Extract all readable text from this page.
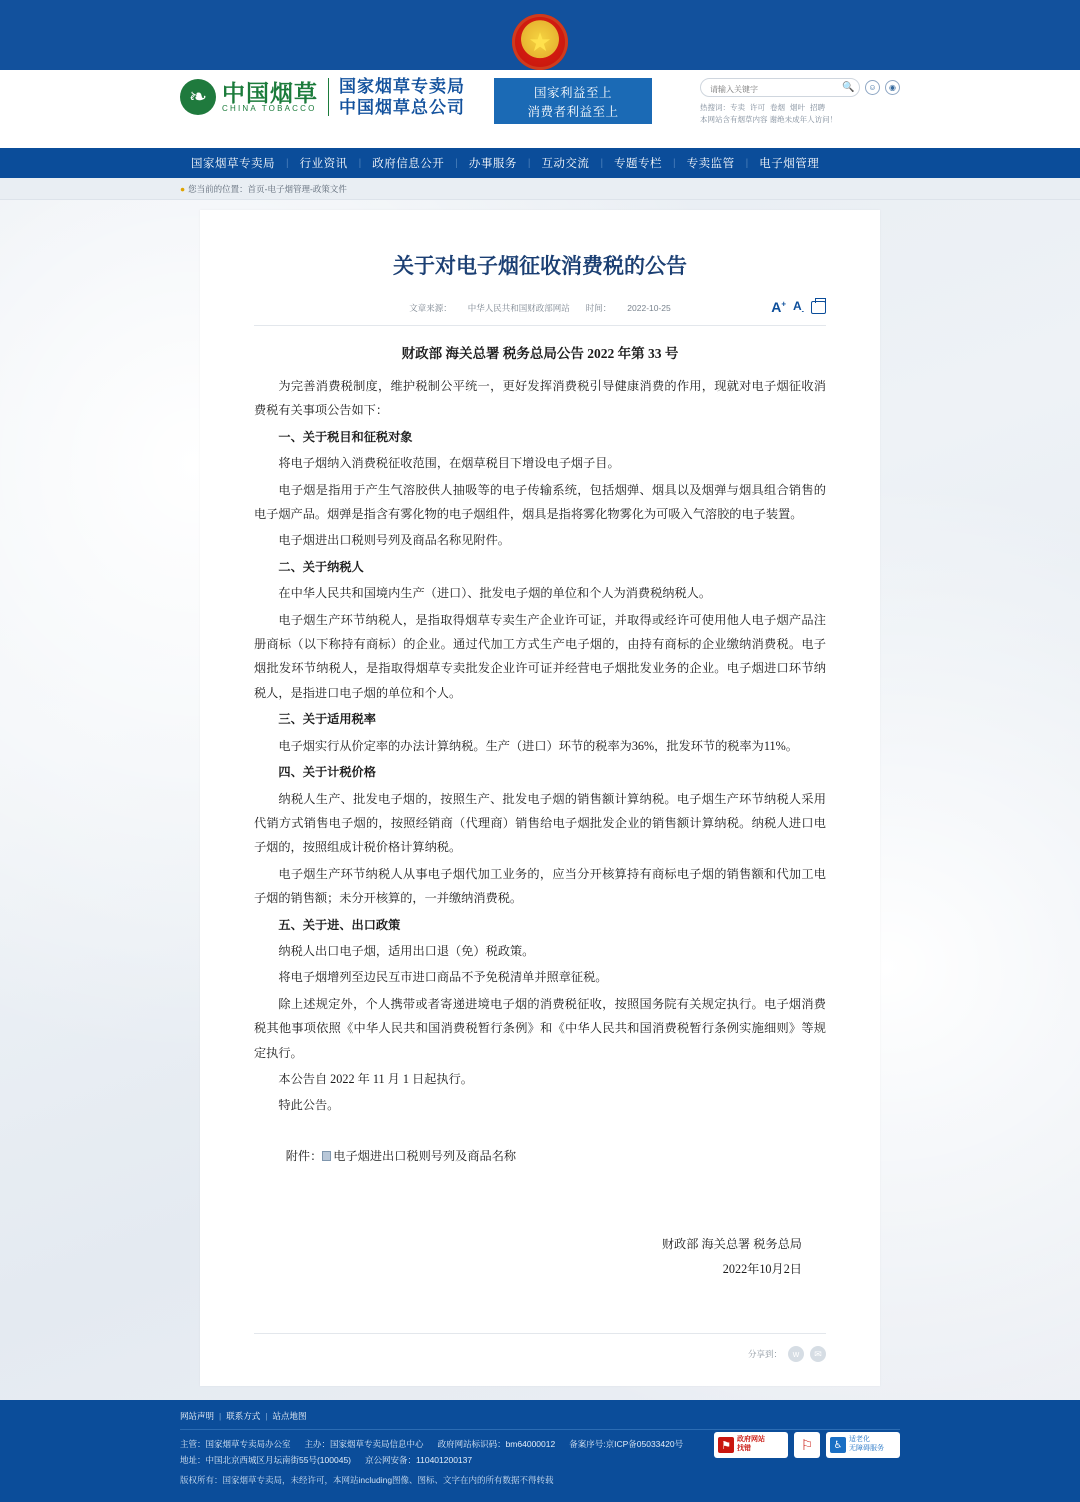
★
❧ 中国烟草
CHINA TOBACCO
国家烟草专卖局
中国烟草总公司
国家利益至上
消费者利益至上
请输入关键字
🔍	☺	◉
热搜词：专卖 许可 卷烟 烟叶 招聘
本网站含有烟草内容 谢绝未成年人访问！
国家烟草专卖局	| 行业资讯	| 政府信息公开	| 办事服务	| 互动交流	| 专题专栏	| 专卖监管	| 电子烟管理
● 您当前的位置：首页-电子烟管理-政策文件
关于对电子烟征收消费税的公告
文章来源： 中华人民共和国财政部网站 时间： 2022-10-25	A+ $A_-$
财政部 海关总署 税务总局公告 2022 年第 33 号

为完善消费税制度，维护税制公平统一，更好发挥消费税引导健康消费的作用，现就对电子烟征收消费税有关事项公告如下：

一、关于税目和征税对象

将电子烟纳入消费税征收范围，在烟草税目下增设电子烟子目。

电子烟是指用于产生气溶胶供人抽吸等的电子传输系统，包括烟弹、烟具以及烟弹与烟具组合销售的电子烟产品。烟弹是指含有雾化物的电子烟组件，烟具是指将雾化物雾化为可吸入气溶胶的电子装置。

电子烟进出口税则号列及商品名称见附件。

二、关于纳税人

在中华人民共和国境内生产（进口）、批发电子烟的单位和个人为消费税纳税人。

电子烟生产环节纳税人，是指取得烟草专卖生产企业许可证，并取得或经许可使用他人电子烟产品注册商标（以下称持有商标）的企业。通过代加工方式生产电子烟的，由持有商标的企业缴纳消费税。电子烟批发环节纳税人，是指取得烟草专卖批发企业许可证并经营电子烟批发业务的企业。电子烟进口环节纳税人，是指进口电子烟的单位和个人。

三、关于适用税率

电子烟实行从价定率的办法计算纳税。生产（进口）环节的税率为36%，批发环节的税率为11%。

四、关于计税价格

纳税人生产、批发电子烟的，按照生产、批发电子烟的销售额计算纳税。电子烟生产环节纳税人采用代销方式销售电子烟的，按照经销商（代理商）销售给电子烟批发企业的销售额计算纳税。纳税人进口电子烟的，按照组成计税价格计算纳税。

电子烟生产环节纳税人从事电子烟代加工业务的，应当分开核算持有商标电子烟的销售额和代加工电子烟的销售额；未分开核算的，一并缴纳消费税。

五、关于进、出口政策

纳税人出口电子烟，适用出口退（免）税政策。

将电子烟增列至边民互市进口商品不予免税清单并照章征税。

除上述规定外，个人携带或者寄递进境电子烟的消费税征收，按照国务院有关规定执行。电子烟消费税其他事项依照《中华人民共和国消费税暂行条例》和《中华人民共和国消费税暂行条例实施细则》等规定执行。

本公告自 2022 年 11 月 1 日起执行。

特此公告。

附件： 电子烟进出口税则号列及商品名称
财政部 海关总署 税务总局
2022年10月2日
分享到：	w	✉
网站声明 | 联系方式 | 站点地图
主管：国家烟草专卖局办公室 主办：国家烟草专卖局信息中心 政府网站标识码：bm64000012 备案序号:京ICP备05033420号
地址：中国北京西城区月坛南街55号(100045) 京公网安备：110401200137
版权所有：国家烟草专卖局，未经许可，本网站including图像、图标、文字在内的所有数据不得转载
⚑ 政府网站
找错	⚐	♿ 适老化
无障碍服务
